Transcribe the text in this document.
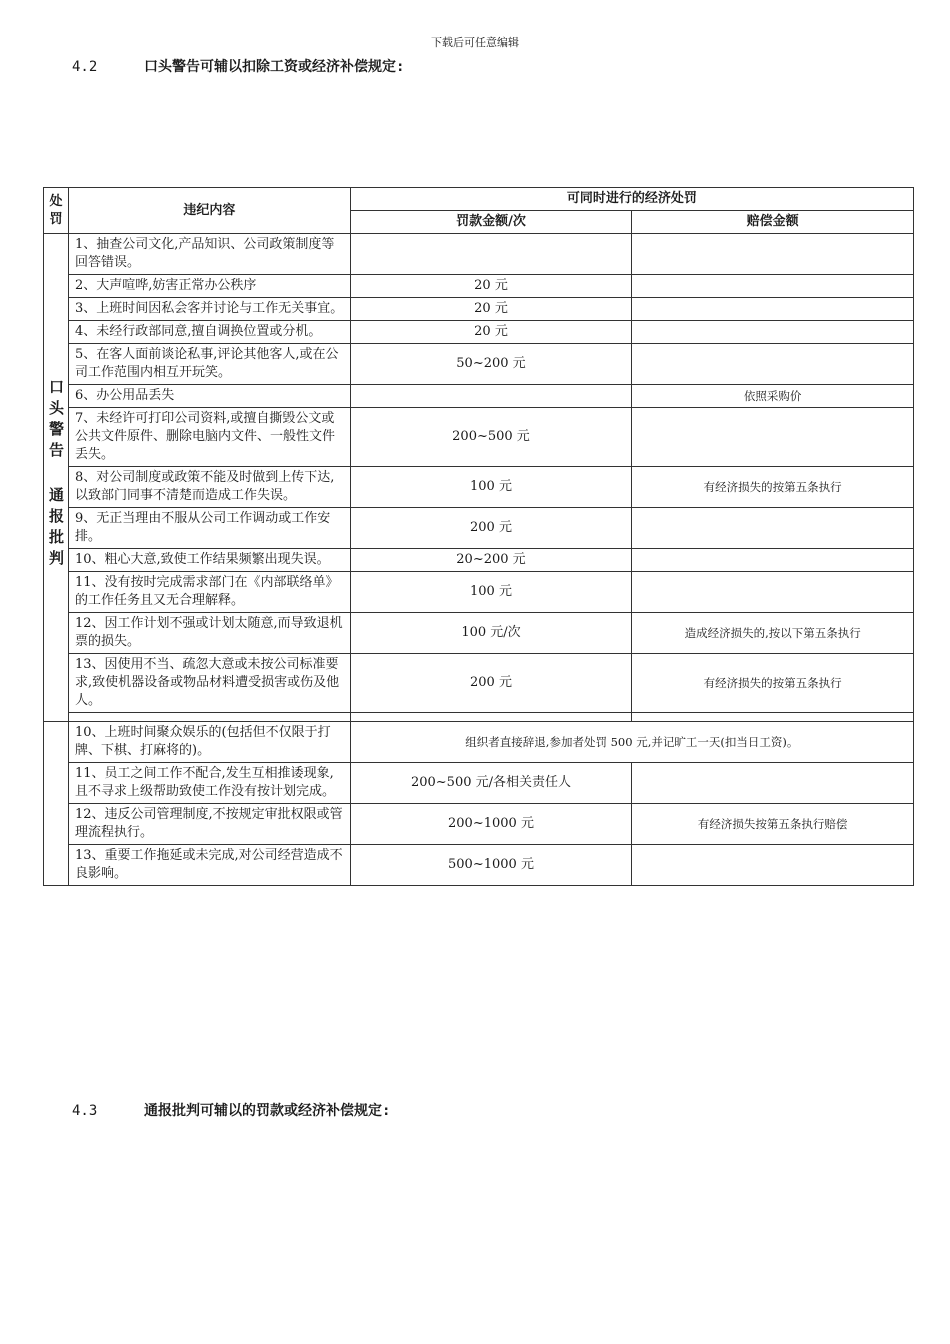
下载后可任意编辑
4.2	口头警告可辅以扣除工资或经济补偿规定:
处罚	违纪内容	可同时进行的经济处罚	
		罚款金额/次	赔偿金额
口头警告 通报批判	1、抽查公司文化,产品知识、公司政策制度等回答错误。		
	2、大声喧哗,妨害正常办公秩序	20 元	
	3、上班时间因私会客并讨论与工作无关事宜。	20 元	
	4、未经行政部同意,擅自调换位置或分机。	20 元	
	5、在客人面前谈论私事,评论其他客人,或在公司工作范围内相互开玩笑。	50~200 元	
	6、办公用品丢失		依照采购价
	7、未经许可打印公司资料,或擅自撕毁公文或公共文件原件、删除电脑内文件、一般性文件丢失。	200~500 元	
	8、对公司制度或政策不能及时做到上传下达,以致部门同事不清楚而造成工作失误。	100 元	有经济损失的按第五条执行
	9、无正当理由不服从公司工作调动或工作安排。	200 元	
	10、粗心大意,致使工作结果频繁出现失误。	20~200 元	
	11、没有按时完成需求部门在《内部联络单》的工作任务且又无合理解释。	100 元	
	12、因工作计划不强或计划太随意,而导致退机票的损失。	100 元/次	造成经济损失的,按以下第五条执行
	13、因使用不当、疏忽大意或未按公司标准要求,致使机器设备或物品材料遭受损害或伤及他人。	200 元	有经济损失的按第五条执行

	10、上班时间聚众娱乐的(包括但不仅限于打牌、下棋、打麻将的)。	组织者直接辞退,参加者处罚 500 元,并记旷工一天(扣当日工资)。	
	11、员工之间工作不配合,发生互相推诿现象,且不寻求上级帮助致使工作没有按计划完成。	200~500 元/各相关责任人	
	12、违反公司管理制度,不按规定审批权限或管理流程执行。	200~1000 元	有经济损失按第五条执行赔偿
	13、重要工作拖延或未完成,对公司经营造成不良影响。	500~1000 元	
4.3	通报批判可辅以的罚款或经济补偿规定:
